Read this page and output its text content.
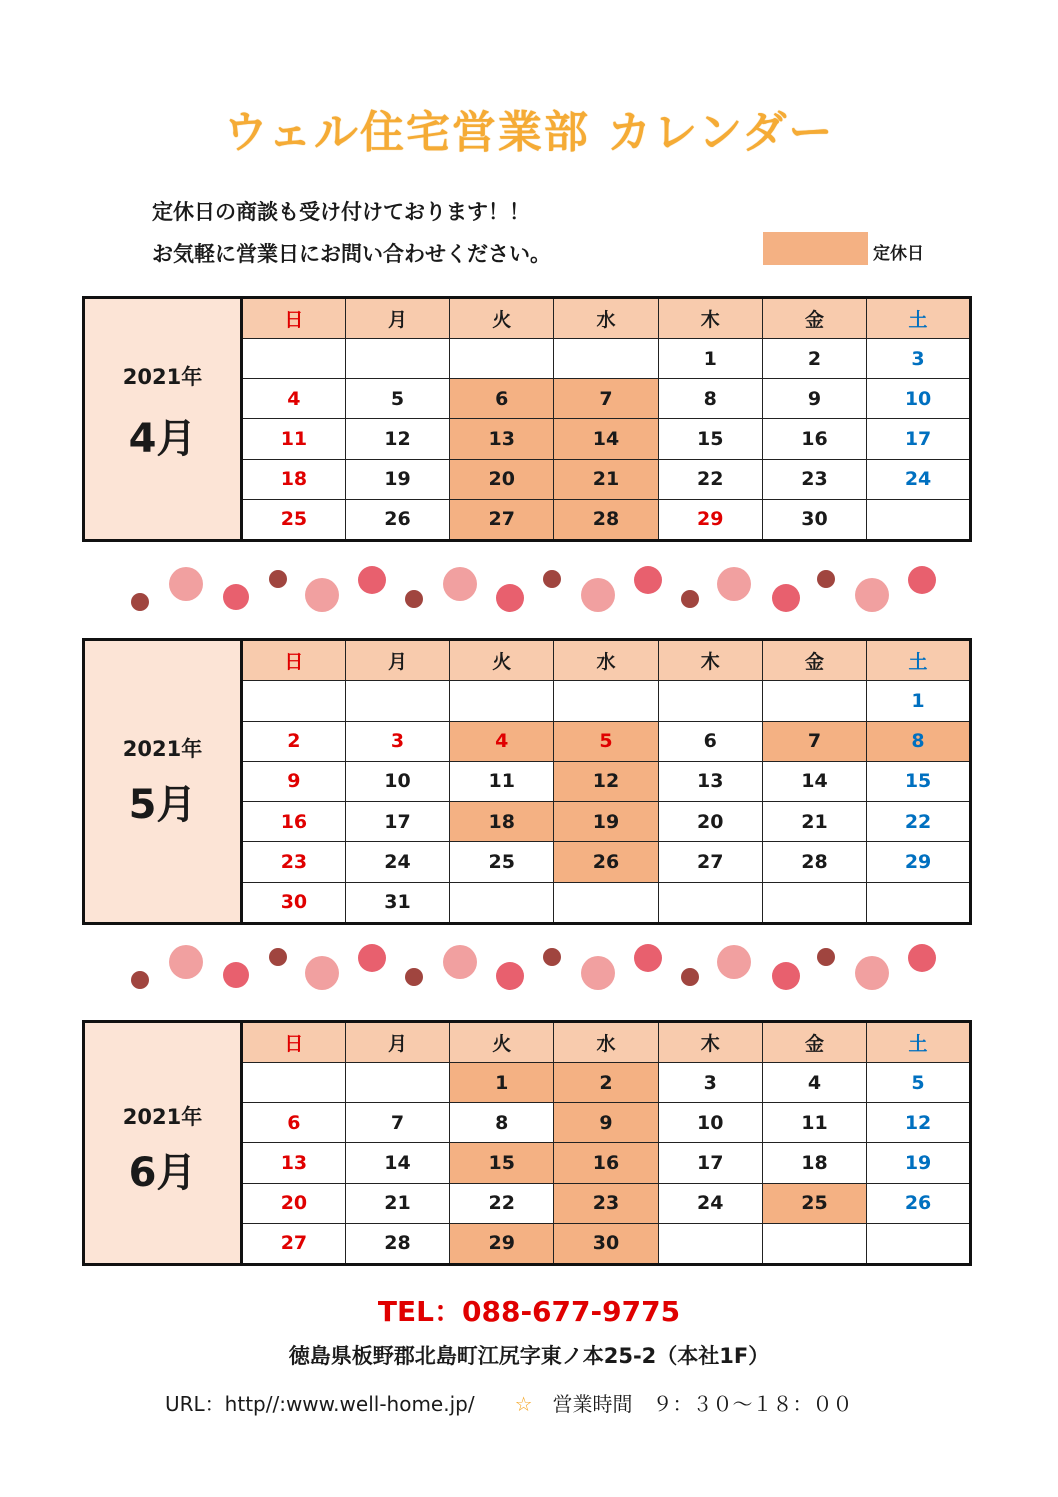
ウェル住宅営業部 カレンダー
定休日の商談も受け付けております！！
お気軽に営業日にお問い合わせください。	定休日
2021年
4月
日	月	火	水	木	金	土
				1	2	3
4	5	6	7	8	9	10
11	12	13	14	15	16	17
18	19	20	21	22	23	24
25	26	27	28	29	30	
2021年
5月
日	月	火	水	木	金	土
						1
2	3	4	5	6	7	8
9	10	11	12	13	14	15
16	17	18	19	20	21	22
23	24	25	26	27	28	29
30	31					
2021年
6月
日	月	火	水	木	金	土
		1	2	3	4	5
6	7	8	9	10	11	12
13	14	15	16	17	18	19
20	21	22	23	24	25	26
27	28	29	30			
TEL：088-677-9775
徳島県板野郡北島町江尻字東ノ本25-2（本社1F）
URL：http//:www.well-home.jp/　　 ☆　 営業時間　９：３０～１８：００
